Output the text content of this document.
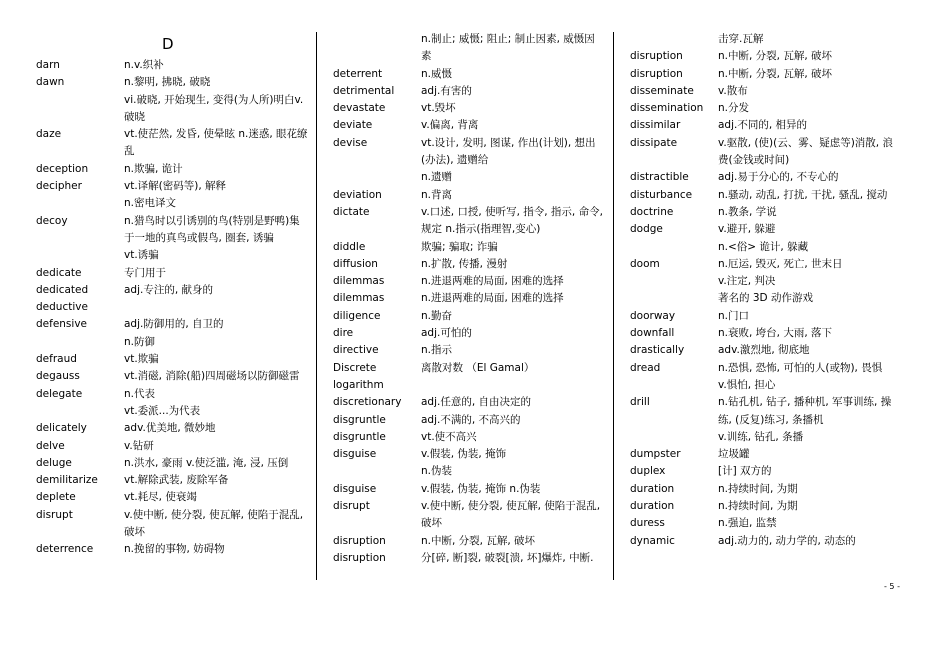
D
darn	n.v.织补
dawn	n.黎明, 拂晓, 破晓
vi.破晓, 开始现生, 变得(为人所)明白v.破晓
daze	vt.使茫然, 发昏, 使晕眩 n.迷惑, 眼花缭乱
deception	n.欺骗, 诡计
decipher	vt.译解(密码等), 解释
n.密电译文
decoy	n.猎鸟时以引诱别的鸟(特别是野鸭)集于一地的真鸟或假鸟, 圈套, 诱骗
vt.诱骗
dedicate	专门用于
dedicated	adj.专注的, 献身的
deductive
defensive	adj.防御用的, 自卫的
n.防御
defraud	vt.欺骗
degauss	vt.消磁, 消除(船)四周磁场以防御磁雷
delegate	n.代表
vt.委派...为代表
delicately	adv.优美地, 微妙地
delve	v.钻研
deluge	n.洪水, 豪雨 v.使泛滥, 淹, 浸, 压倒
demilitarize	vt.解除武装, 废除军备
deplete	vt.耗尽, 使衰竭
disrupt	v.使中断, 使分裂, 使瓦解, 使陷于混乱, 破坏
deterrence	n.挽留的事物, 妨碍物
n.制止; 威慑; 阻止; 制止因素, 威慑因素
deterrent	n.威慑
detrimental	adj.有害的
devastate	vt.毁坏
deviate	v.偏离, 背离
devise	vt.设计, 发明, 图谋, 作出(计划), 想出(办法), 遗赠给
n.遗赠
deviation	n.背离
dictate	v.口述, 口授, 使听写, 指令, 指示, 命令, 规定 n.指示(指理智,变心)
diddle	欺骗; 骗取; 诈骗
diffusion	n.扩散, 传播, 漫射
dilemmas	n.进退两难的局面, 困难的选择
dilemmas	n.进退两难的局面, 困难的选择
diligence	n.勤奋
dire	adj.可怕的
directive	n.指示
Discrete	离散对数 （El Gamal）
logarithm
discretionary	adj.任意的, 自由决定的
disgruntle	adj.不满的, 不高兴的
disgruntle	vt.使不高兴
disguise	v.假装, 伪装, 掩饰
n.伪装
disguise	v.假装, 伪装, 掩饰 n.伪装
disrupt	v.使中断, 使分裂, 使瓦解, 使陷于混乱, 破坏
disruption	n.中断, 分裂, 瓦解, 破坏
disruption	分[碎, 断]裂, 破裂[溃, 坏]爆炸, 中断.
击穿.瓦解
disruption	n.中断, 分裂, 瓦解, 破坏
disruption	n.中断, 分裂, 瓦解, 破坏
disseminate	v.散布
dissemination	n.分发
dissimilar	adj.不同的, 相异的
dissipate	v.驱散, (使)(云、雾、疑虑等)消散, 浪费(金钱或时间)
distractible	adj.易于分心的, 不专心的
disturbance	n.骚动, 动乱, 打扰, 干扰, 骚乱, 搅动
doctrine	n.教条, 学说
dodge	v.避开, 躲避
n.<俗> 诡计, 躲藏
doom	n.厄运, 毁灭, 死亡, 世末日
v.注定, 判决
著名的 3D 动作游戏
doorway	n.门口
downfall	n.衰败, 垮台, 大雨, 落下
drastically	adv.激烈地, 彻底地
dread	n.恐惧, 恐怖, 可怕的人(或物), 畏惧
v.惧怕, 担心
drill	n.钻孔机, 钻子, 播种机, 军事训练, 操练, (反复)练习, 条播机
v.训练, 钻孔, 条播
dumpster	垃圾罐
duplex	[计] 双方的
duration	n.持续时间, 为期
duration	n.持续时间, 为期
duress	n.强迫, 监禁
dynamic	adj.动力的, 动力学的, 动态的
- 5 -
